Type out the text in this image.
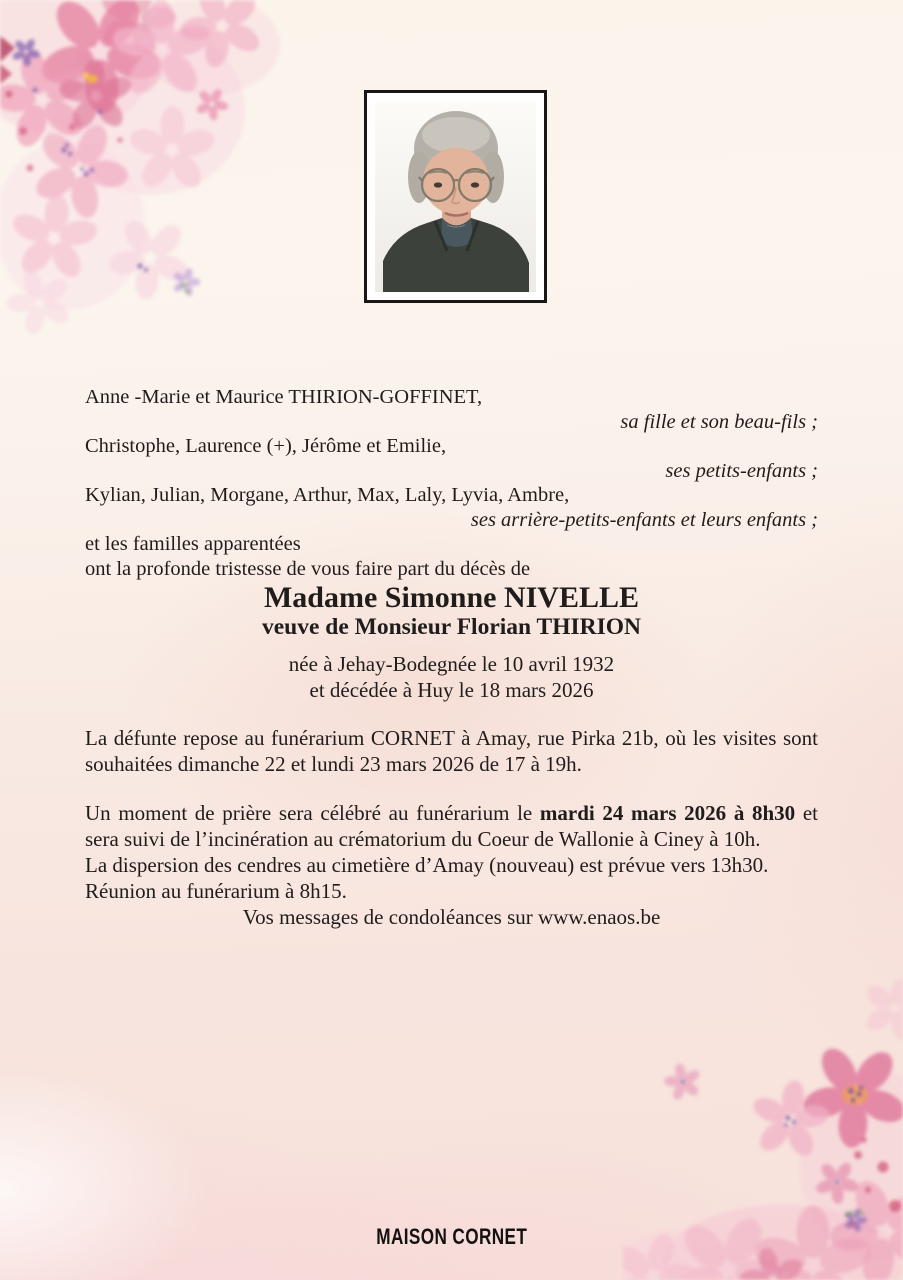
Anne -Marie et Maurice THIRION-GOFFINET,

sa fille et son beau-fils ;

Christophe, Laurence (+), Jérôme et Emilie,

ses petits-enfants ;

Kylian, Julian, Morgane, Arthur, Max, Laly, Lyvia, Ambre,

ses arrière-petits-enfants et leurs enfants ;

et les familles apparentées

ont la profonde tristesse de vous faire part du décès de

Madame Simonne NIVELLE
veuve de Monsieur Florian THIRION

née à Jehay-Bodegnée le 10 avril 1932

et décédée à Huy le 18 mars 2026

La défunte repose au funérarium CORNET à Amay, rue Pirka 21b, où les visites sont souhaitées dimanche 22 et lundi 23 mars 2026 de 17 à 19h.

Un moment de prière sera célébré au funérarium le mardi 24 mars 2026 à 8h30 et sera suivi de l’incinération au crématorium du Coeur de Wallonie à Ciney à 10h.

La dispersion des cendres au cimetière d’Amay (nouveau) est prévue vers 13h30.

Réunion au funérarium à 8h15.

Vos messages de condoléances sur www.enaos.be

MAISON CORNET
